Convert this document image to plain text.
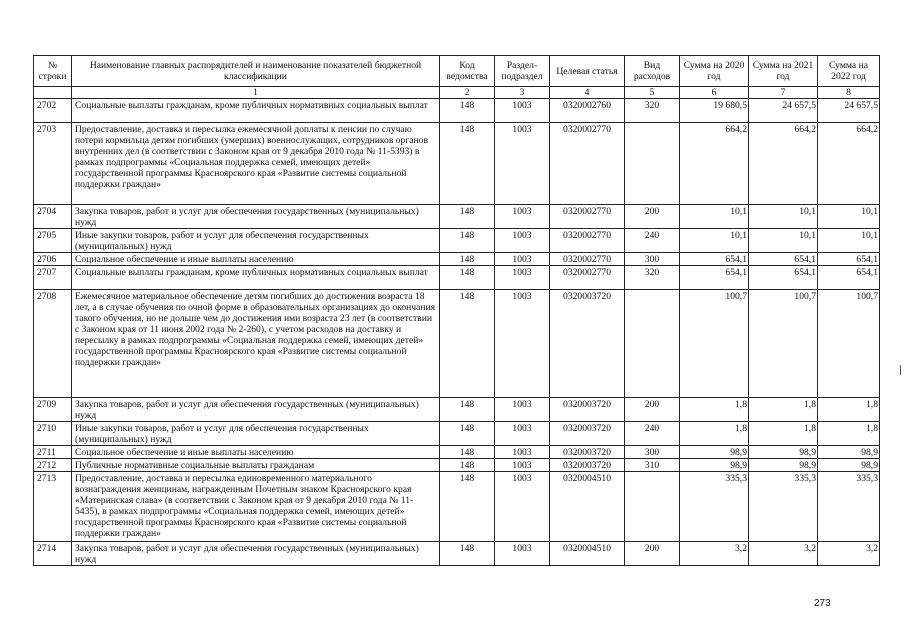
№ строки	Наименование главных распорядителей и наименование показателей бюджетной классификации	Код ведомства	Раздел-подраздел	Целевая статья	Вид расходов	Сумма на 2020 год	Сумма на 2021 год	Сумма на 2022 год
	1	2	3	4	5	6	7	8
2702	Социальные выплаты гражданам, кроме публичных нормативных социальных выплат	148	1003	0320002760	320	19 680,5	24 657,5	24 657,5
2703	Предоставление, доставка и пересылка ежемесячной доплаты к пенсии по случаю потери кормильца детям погибших (умерших) военнослужащих, сотрудников органов внутренних дел (в соответствии с Законом края от 9 декабря 2010 года № 11-5393) в рамках подпрограммы «Социальная поддержка семей, имеющих детей» государственной программы Красноярского края «Развитие системы социальной поддержки граждан»	148	1003	0320002770		664,2	664,2	664,2
2704	Закупка товаров, работ и услуг для обеспечения государственных (муниципальных) нужд	148	1003	0320002770	200	10,1	10,1	10,1
2705	Иные закупки товаров, работ и услуг для обеспечения государственных (муниципальных) нужд	148	1003	0320002770	240	10,1	10,1	10,1
2706	Социальное обеспечение и иные выплаты населению	148	1003	0320002770	300	654,1	654,1	654,1
2707	Социальные выплаты гражданам, кроме публичных нормативных социальных выплат	148	1003	0320002770	320	654,1	654,1	654,1
2708	Ежемесячное материальное обеспечение детям погибших до достижения возраста 18 лет, а в случае обучения по очной форме в образовательных организациях до окончания такого обучения, но не дольше чем до достижения ими возраста 23 лет (в соответствии с Законом края от 11 июня 2002 года № 2-260), с учетом расходов на доставку и пересылку в рамках подпрограммы «Социальная поддержка семей, имеющих детей» государственной программы Красноярского края «Развитие системы социальной поддержки граждан»	148	1003	0320003720		100,7	100,7	100,7
2709	Закупка товаров, работ и услуг для обеспечения государственных (муниципальных) нужд	148	1003	0320003720	200	1,8	1,8	1,8
2710	Иные закупки товаров, работ и услуг для обеспечения государственных (муниципальных) нужд	148	1003	0320003720	240	1,8	1,8	1,8
2711	Социальное обеспечение и иные выплаты населению	148	1003	0320003720	300	98,9	98,9	98,9
2712	Публичные нормативные социальные выплаты гражданам	148	1003	0320003720	310	98,9	98,9	98,9
2713	Предоставление, доставка и пересылка единовременного материального вознаграждения женщинам, награжденным Почетным знаком Красноярского края «Материнская слава» (в соответствии с Законом края от 9 декабря 2010 года № 11-5435), в рамках подпрограммы «Социальная поддержка семей, имеющих детей» государственной программы Красноярского края «Развитие системы социальной поддержки граждан»	148	1003	0320004510		335,3	335,3	335,3
2714	Закупка товаров, работ и услуг для обеспечения государственных (муниципальных) нужд	148	1003	0320004510	200	3,2	3,2	3,2
273
